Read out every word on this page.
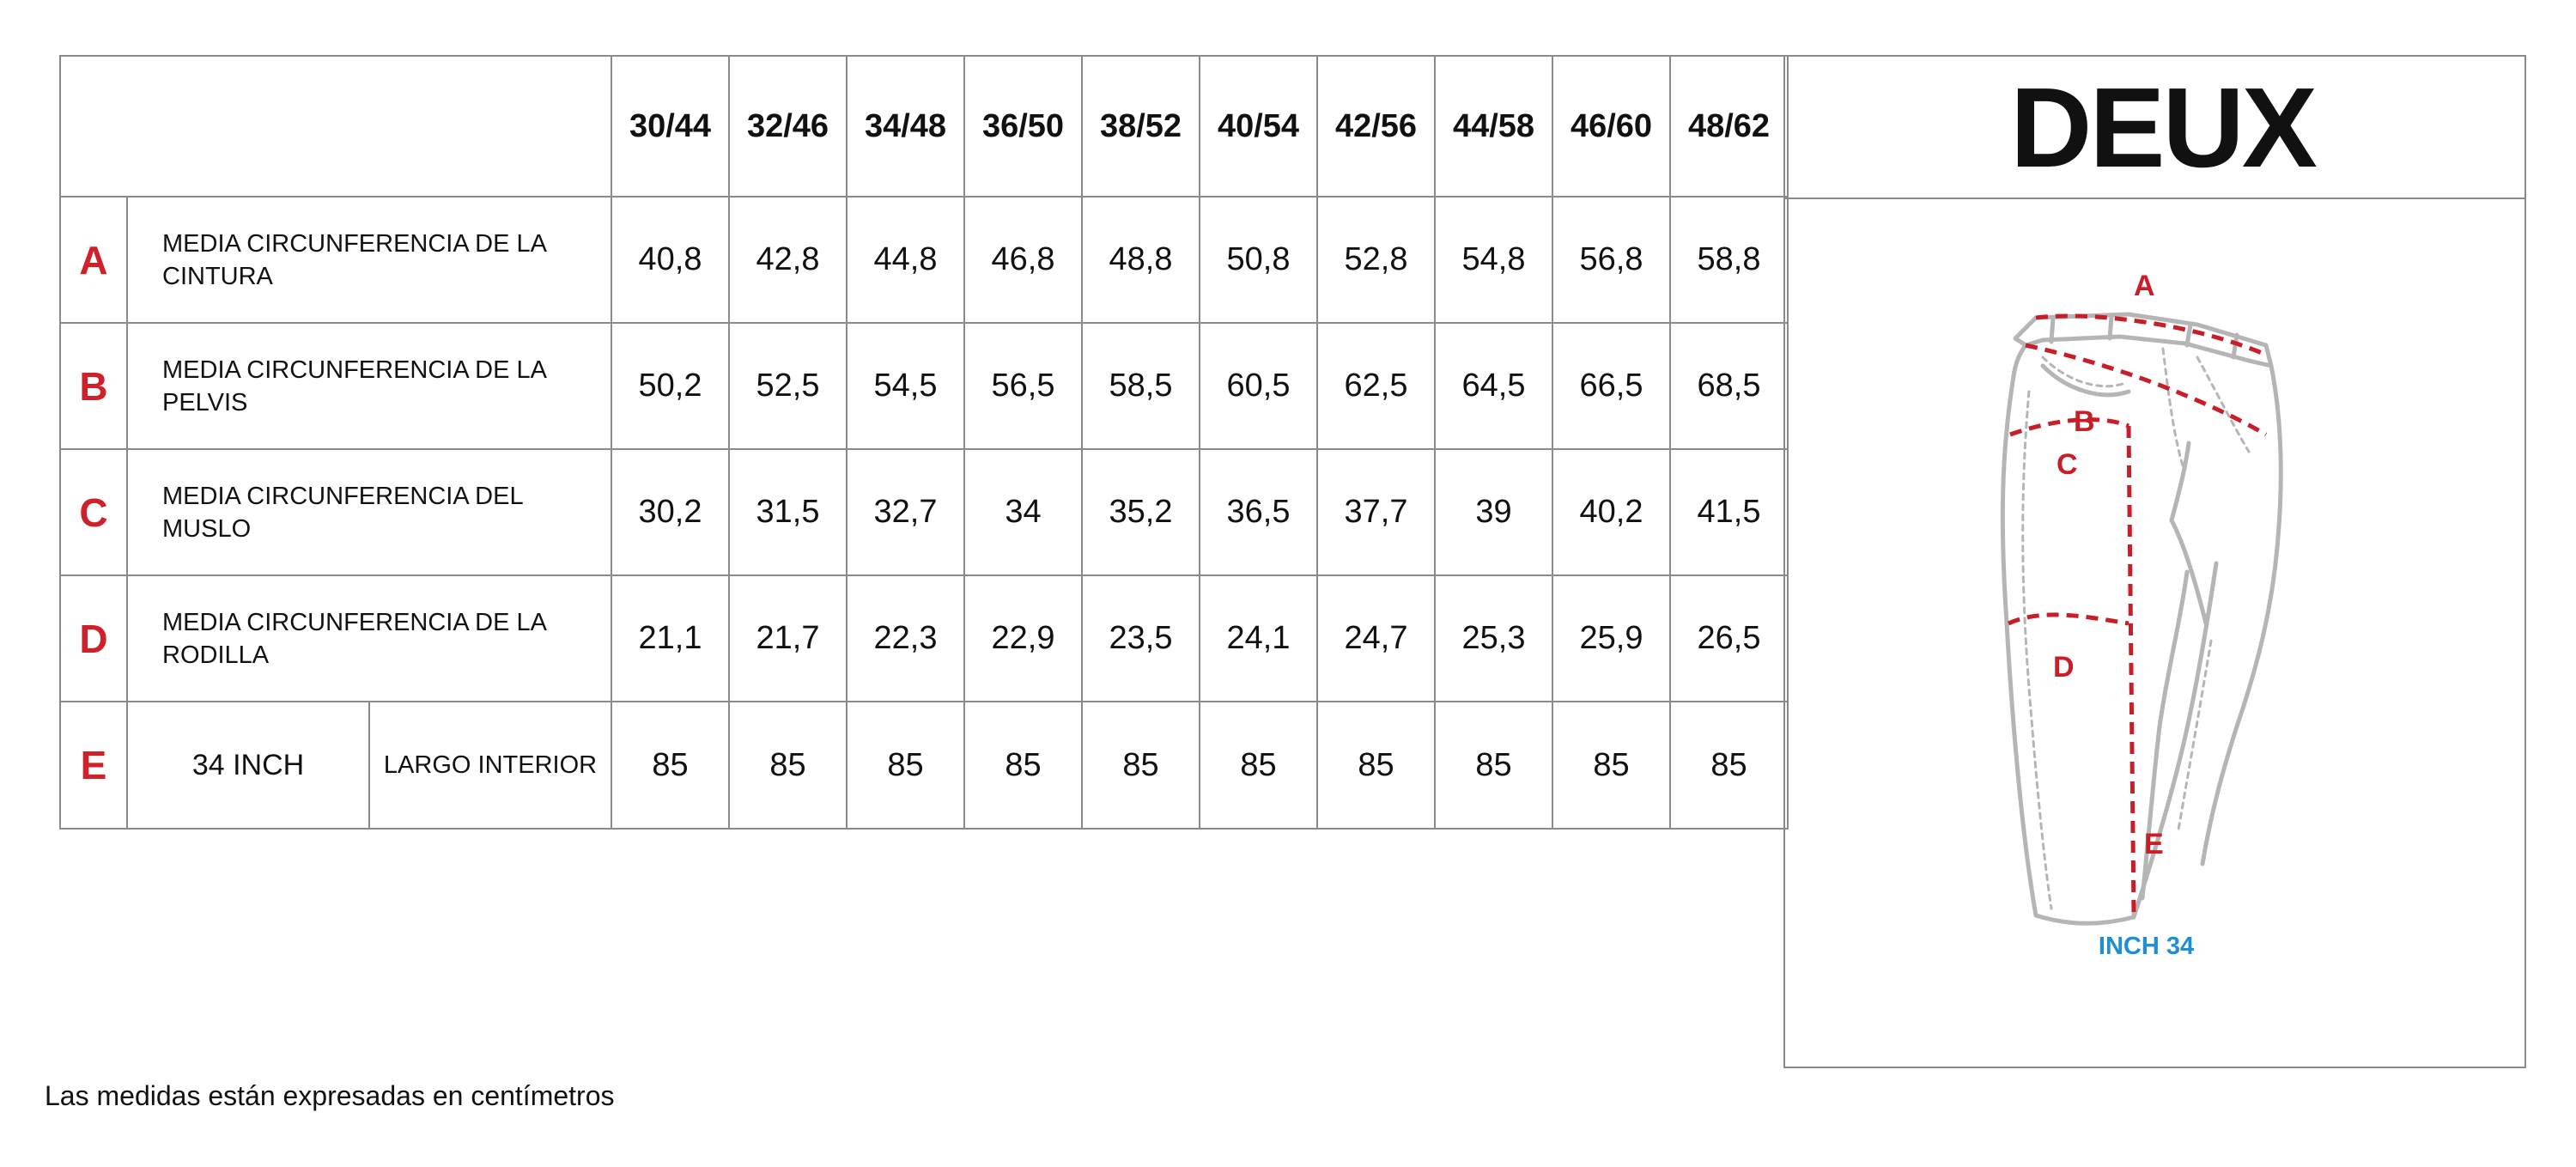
			30/44	32/46	34/48	36/50	38/52	40/54	42/56	44/58	46/60	48/62
A	MEDIA CIRCUNFERENCIA DE LA CINTURA		40,8	42,8	44,8	46,8	48,8	50,8	52,8	54,8	56,8	58,8
B	MEDIA CIRCUNFERENCIA DE LA PELVIS		50,2	52,5	54,5	56,5	58,5	60,5	62,5	64,5	66,5	68,5
C	MEDIA CIRCUNFERENCIA DEL MUSLO		30,2	31,5	32,7	34	35,2	36,5	37,7	39	40,2	41,5
D	MEDIA CIRCUNFERENCIA DE LA RODILLA		21,1	21,7	22,3	22,9	23,5	24,1	24,7	25,3	25,9	26,5
E	34 INCH	LARGO INTERIOR	85	85	85	85	85	85	85	85	85	85
DEUX
A
B
C
D
E
INCH 34
Las medidas están expresadas en centímetros
